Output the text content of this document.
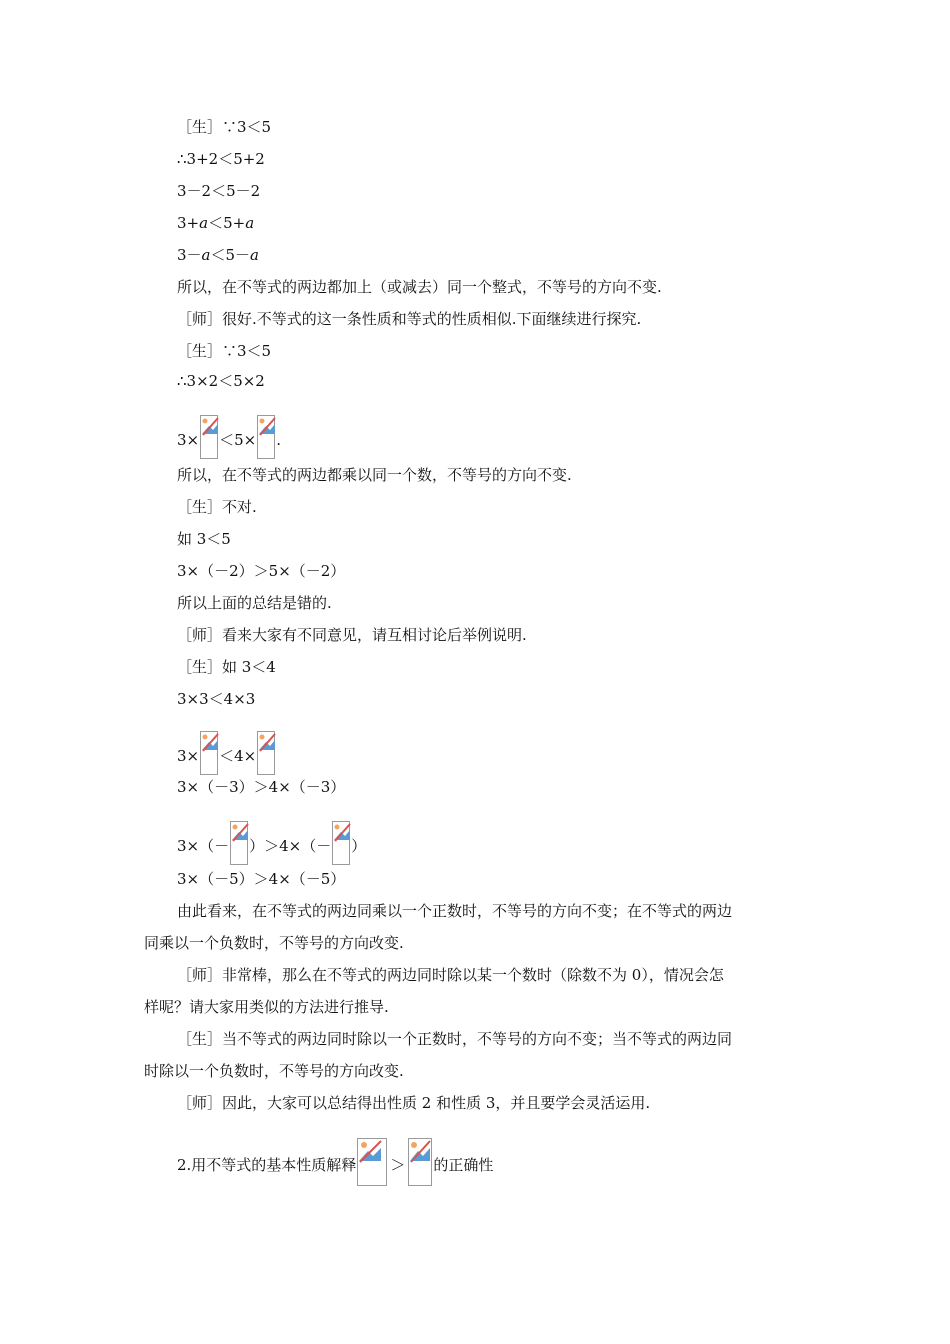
［生］∵3＜5
∴3+2＜5+2
3－2＜5－2
3+a＜5+a
3－a＜5－a
所以，在不等式的两边都加上（或减去）同一个整式，不等号的方向不变.
［师］很好.不等式的这一条性质和等式的性质相似.下面继续进行探究.
［生］∵3＜5
∴3×2＜5×2
3× ＜5× .
所以，在不等式的两边都乘以同一个数，不等号的方向不变.
［生］不对.
如 3＜5
3×（－2）＞5×（－2）
所以上面的总结是错的.
［师］看来大家有不同意见，请互相讨论后举例说明.
［生］如 3＜4
3×3＜4×3
3× ＜4×
3×（－3）＞4×（－3）
3×（－ ）＞4×（－ ）
3×（－5）＞4×（－5）
由此看来，在不等式的两边同乘以一个正数时，不等号的方向不变；在不等式的两边
同乘以一个负数时，不等号的方向改变.
［师］非常棒，那么在不等式的两边同时除以某一个数时（除数不为 0），情况会怎
样呢？请大家用类似的方法进行推导.
［生］当不等式的两边同时除以一个正数时，不等号的方向不变；当不等式的两边同
时除以一个负数时，不等号的方向改变.
［师］因此，大家可以总结得出性质 2 和性质 3，并且要学会灵活运用.
2.用不等式的基本性质解释 ＞ 的正确性
